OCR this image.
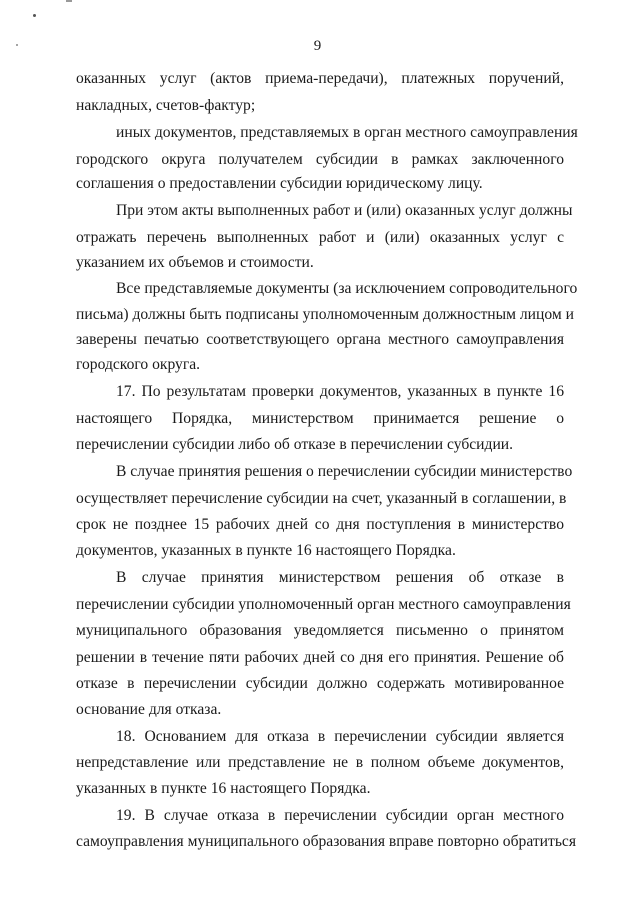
9
оказанных услуг (актов приема-передачи), платежных поручений,
накладных, счетов-фактур;
иных документов, представляемых в орган местного самоуправления
городского округа получателем субсидии в рамках заключенного
соглашения о предоставлении субсидии юридическому лицу.
При этом акты выполненных работ и (или) оказанных услуг должны
отражать перечень выполненных работ и (или) оказанных услуг с
указанием их объемов и стоимости.
Все представляемые документы (за исключением сопроводительного
письма) должны быть подписаны уполномоченным должностным лицом и
заверены печатью соответствующего органа местного самоуправления
городского округа.
17. По результатам проверки документов, указанных в пункте 16
настоящего Порядка, министерством принимается решение о
перечислении субсидии либо об отказе в перечислении субсидии.
В случае принятия решения о перечислении субсидии министерство
осуществляет перечисление субсидии на счет, указанный в соглашении, в
срок не позднее 15 рабочих дней со дня поступления в министерство
документов, указанных в пункте 16 настоящего Порядка.
В случае принятия министерством решения об отказе в
перечислении субсидии уполномоченный орган местного самоуправления
муниципального образования уведомляется письменно о принятом
решении в течение пяти рабочих дней со дня его принятия. Решение об
отказе в перечислении субсидии должно содержать мотивированное
основание для отказа.
18. Основанием для отказа в перечислении субсидии является
непредставление или представление не в полном объеме документов,
указанных в пункте 16 настоящего Порядка.
19. В случае отказа в перечислении субсидии орган местного
самоуправления муниципального образования вправе повторно обратиться
